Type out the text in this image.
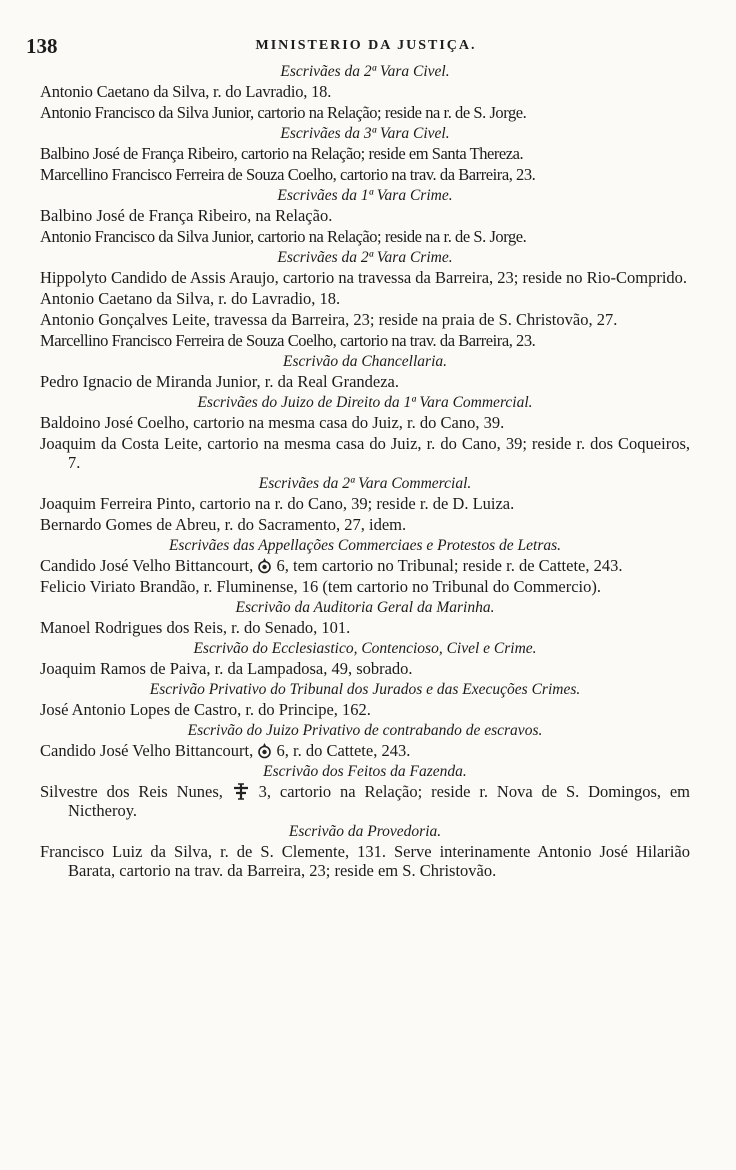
138	MINISTERIO DA JUSTIÇA.
Escrivães da 2ª Vara Civel.
Antonio Caetano da Silva, r. do Lavradio, 18.
Antonio Francisco da Silva Junior, cartorio na Relação; reside na r. de S. Jorge.
Escrivães da 3ª Vara Civel.
Balbino José de França Ribeiro, cartorio na Relação; reside em Santa Thereza.
Marcellino Francisco Ferreira de Souza Coelho, cartorio na trav. da Barreira, 23.
Escrivães da 1ª Vara Crime.
Balbino José de França Ribeiro, na Relação.
Antonio Francisco da Silva Junior, cartorio na Relação; reside na r. de S. Jorge.
Escrivães da 2ª Vara Crime.
Hippolyto Candido de Assis Araujo, cartorio na travessa da Barreira, 23; reside no Rio-Comprido.
Antonio Caetano da Silva, r. do Lavradio, 18.
Antonio Gonçalves Leite, travessa da Barreira, 23; reside na praia de S. Christovão, 27.
Marcellino Francisco Ferreira de Souza Coelho, cartorio na trav. da Barreira, 23.
Escrivão da Chancellaria.
Pedro Ignacio de Miranda Junior, r. da Real Grandeza.
Escrivães do Juizo de Direito da 1ª Vara Commercial.
Baldoino José Coelho, cartorio na mesma casa do Juiz, r. do Cano, 39.
Joaquim da Costa Leite, cartorio na mesma casa do Juiz, r. do Cano, 39; reside r. dos Coqueiros, 7.
Escrivães da 2ª Vara Commercial.
Joaquim Ferreira Pinto, cartorio na r. do Cano, 39; reside r. de D. Luiza.
Bernardo Gomes de Abreu, r. do Sacramento, 27, idem.
Escrivães das Appellações Commerciaes e Protestos de Letras.
Candido José Velho Bittancourt, 6, tem cartorio no Tribunal; reside r. de Cattete, 243.
Felicio Viriato Brandão, r. Fluminense, 16 (tem cartorio no Tribunal do Commercio).
Escrivão da Auditoria Geral da Marinha.
Manoel Rodrigues dos Reis, r. do Senado, 101.
Escrivão do Ecclesiastico, Contencioso, Civel e Crime.
Joaquim Ramos de Paiva, r. da Lampadosa, 49, sobrado.
Escrivão Privativo do Tribunal dos Jurados e das Execuções Crimes.
José Antonio Lopes de Castro, r. do Principe, 162.
Escrivão do Juizo Privativo de contrabando de escravos.
Candido José Velho Bittancourt, 6, r. do Cattete, 243.
Escrivão dos Feitos da Fazenda.
Silvestre dos Reis Nunes, 3, cartorio na Relação; reside r. Nova de S. Domingos, em Nictheroy.
Escrivão da Provedoria.
Francisco Luiz da Silva, r. de S. Clemente, 131. Serve interinamente Antonio José Hilarião Barata, cartorio na trav. da Barreira, 23; reside em S. Christovão.
